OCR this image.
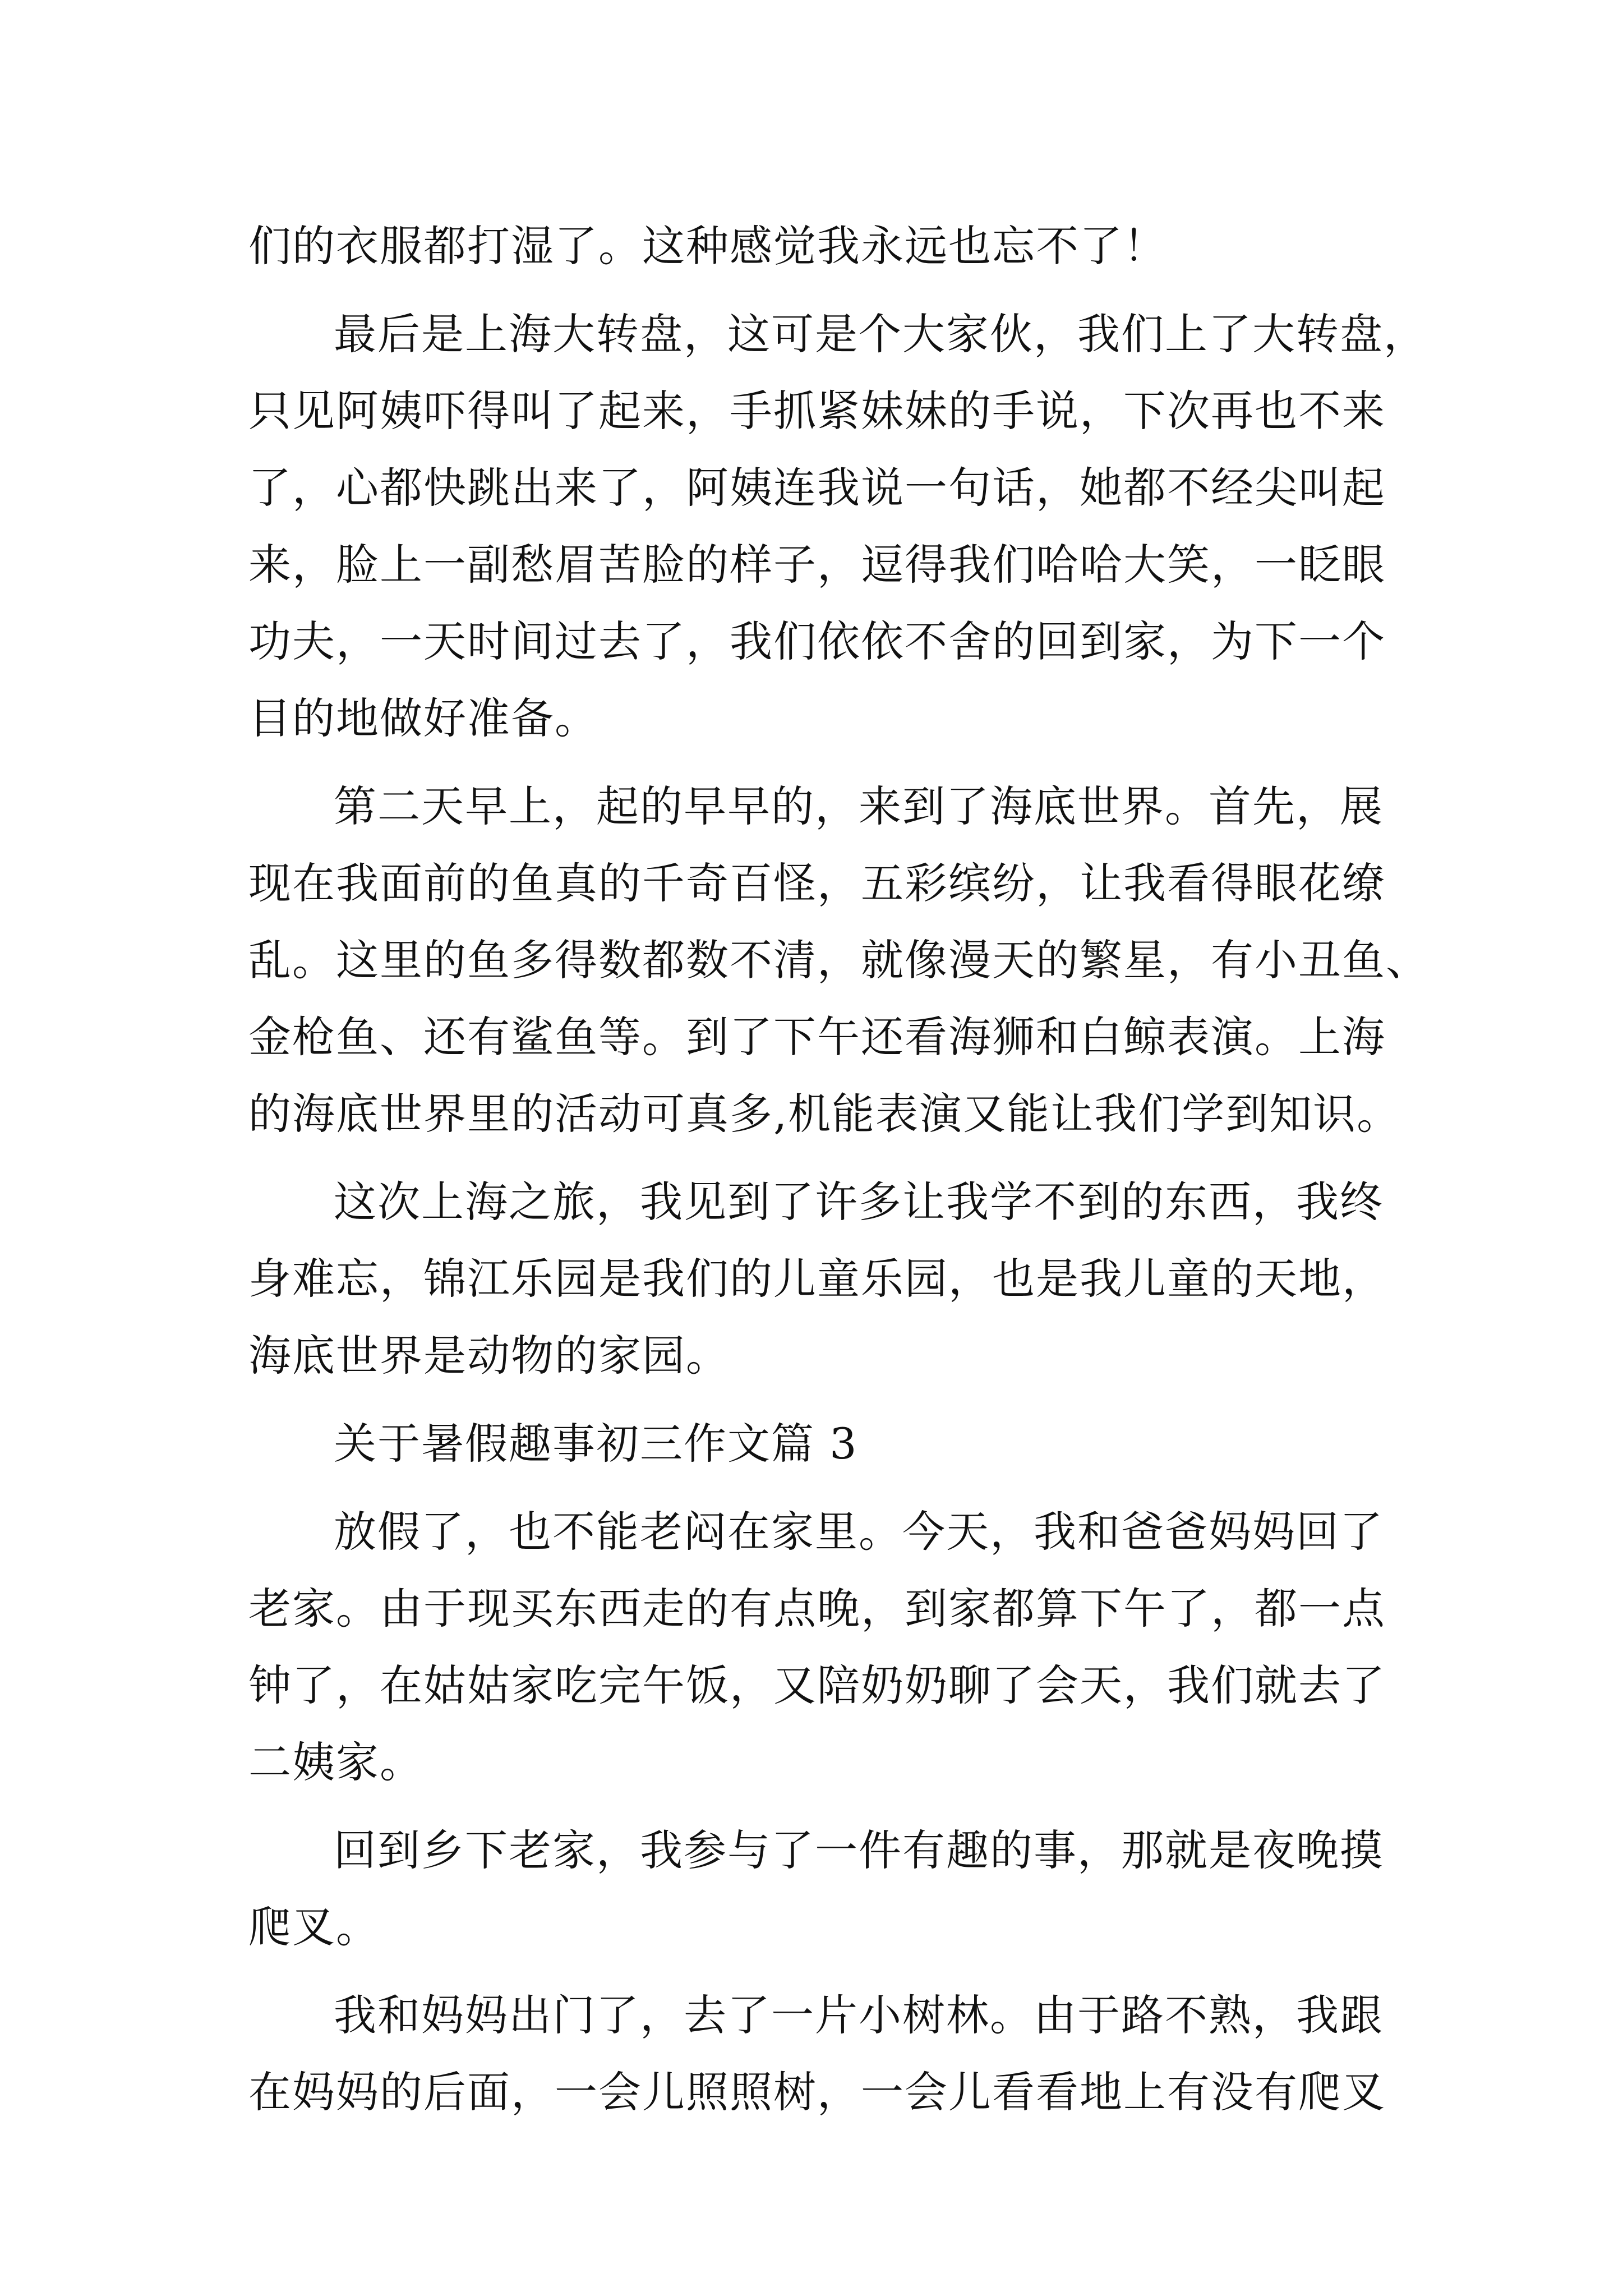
们的衣服都打湿了。这种感觉我永远也忘不了！
最后是上海大转盘，这可是个大家伙，我们上了大转盘，
只见阿姨吓得叫了起来，手抓紧妹妹的手说，下次再也不来
了，心都快跳出来了，阿姨连我说一句话，她都不经尖叫起
来，脸上一副愁眉苦脸的样子，逗得我们哈哈大笑，一眨眼
功夫，一天时间过去了，我们依依不舍的回到家，为下一个
目的地做好准备。
第二天早上，起的早早的，来到了海底世界。首先，展
现在我面前的鱼真的千奇百怪，五彩缤纷，让我看得眼花缭
乱。这里的鱼多得数都数不清，就像漫天的繁星，有小丑鱼、
金枪鱼、还有鲨鱼等。到了下午还看海狮和白鲸表演。上海
的海底世界里的活动可真多,机能表演又能让我们学到知识。
这次上海之旅，我见到了许多让我学不到的东西，我终
身难忘，锦江乐园是我们的儿童乐园，也是我儿童的天地，
海底世界是动物的家园。
关于暑假趣事初三作文篇 3
放假了，也不能老闷在家里。今天，我和爸爸妈妈回了
老家。由于现买东西走的有点晚，到家都算下午了，都一点
钟了，在姑姑家吃完午饭，又陪奶奶聊了会天，我们就去了
二姨家。
回到乡下老家，我参与了一件有趣的事，那就是夜晚摸
爬叉。
我和妈妈出门了，去了一片小树林。由于路不熟，我跟
在妈妈的后面，一会儿照照树，一会儿看看地上有没有爬叉
